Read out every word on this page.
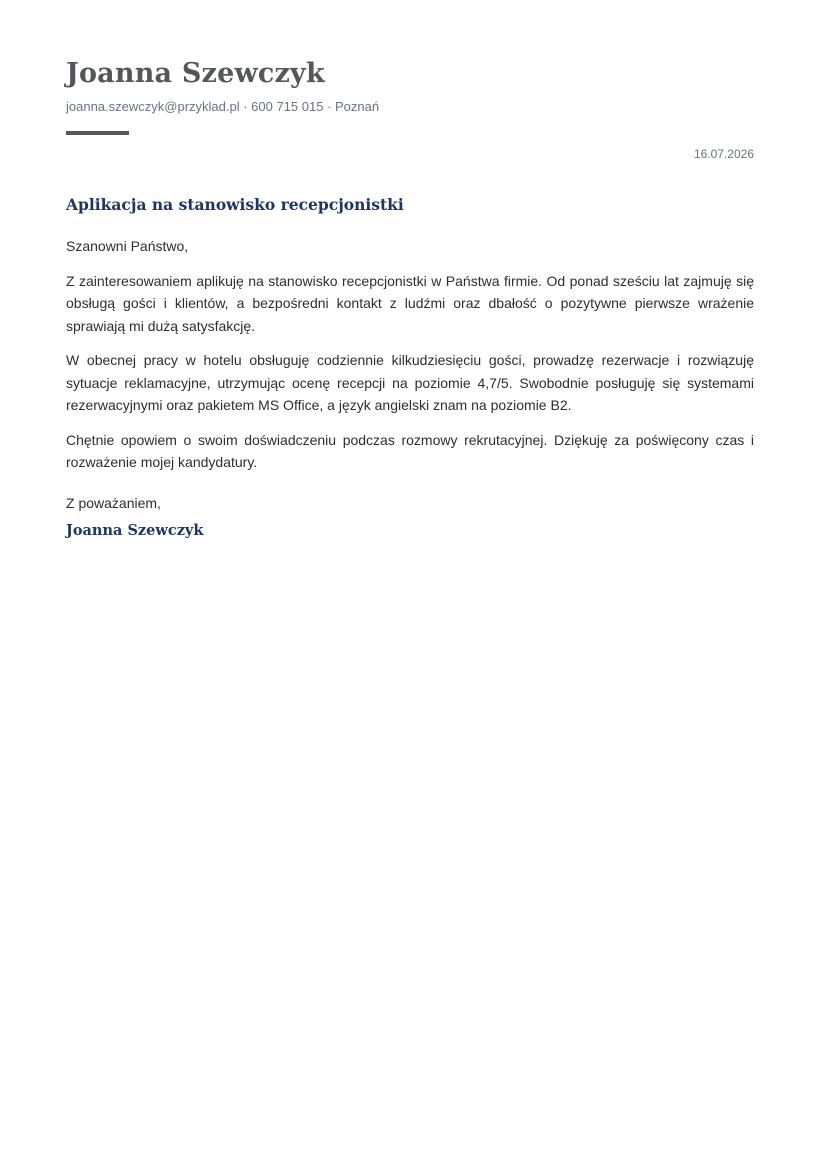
Joanna Szewczyk
joanna.szewczyk@przyklad.pl · 600 715 015 · Poznań
16.07.2026
Aplikacja na stanowisko recepcjonistki
Szanowni Państwo,

Z zainteresowaniem aplikuję na stanowisko recepcjonistki w Państwa firmie. Od ponad sześciu lat zajmuję się obsługą gości i klientów, a bezpośredni kontakt z ludźmi oraz dbałość o pozytywne pierwsze wrażenie sprawiają mi dużą satysfakcję.

W obecnej pracy w hotelu obsługuję codziennie kilkudziesięciu gości, prowadzę rezerwacje i rozwiązuję sytuacje reklamacyjne, utrzymując ocenę recepcji na poziomie 4,7/5. Swobodnie posługuję się systemami rezerwacyjnymi oraz pakietem MS Office, a język angielski znam na poziomie B2.

Chętnie opowiem o swoim doświadczeniu podczas rozmowy rekrutacyjnej. Dziękuję za poświęcony czas i rozważenie mojej kandydatury.

Z poważaniem,
Joanna Szewczyk
